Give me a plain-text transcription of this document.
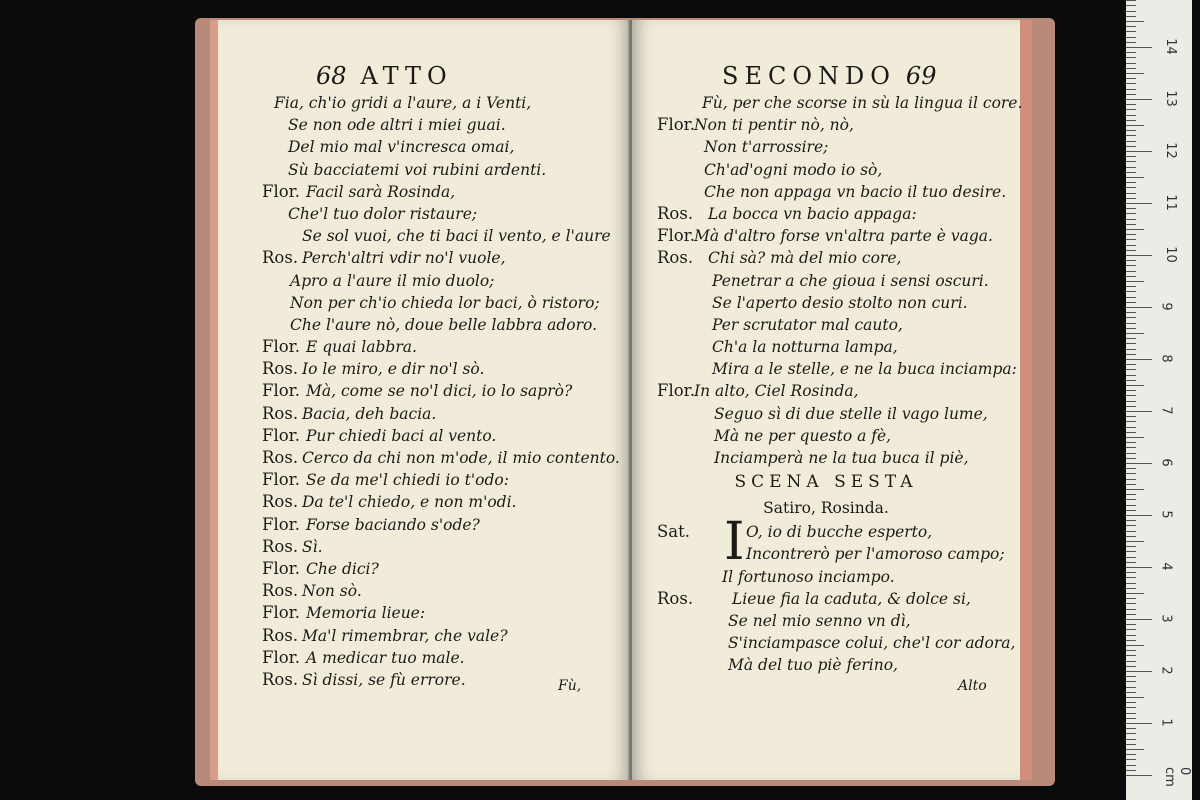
68 ATTO
Fia, ch'io gridi a l'aure, a i Venti,
Se non ode altri i miei guai.
Del mio mal v'incresca omai,
Sù bacciatemi voi rubini ardenti.
Flor. Facil sarà Rosinda,
Che'l tuo dolor ristaure;
Se sol vuoi, che ti baci il vento, e l'aure
Ros. Perch'altri vdir no'l vuole,
Apro a l'aure il mio duolo;
Non per ch'io chieda lor baci, ò ristoro;
Che l'aure nò, doue belle labbra adoro.
Flor. E quai labbra.
Ros. Io le miro, e dir no'l sò.
Flor. Mà, come se no'l dici, io lo saprò?
Ros. Bacia, deh bacia.
Flor. Pur chiedi baci al vento.
Ros. Cerco da chi non m'ode, il mio contento.
Flor. Se da me'l chiedi io t'odo:
Ros. Da te'l chiedo, e non m'odi.
Flor. Forse baciando s'ode?
Ros. Sì.
Flor. Che dici?
Ros. Non sò.
Flor. Memoria lieue:
Ros. Ma'l rimembrar, che vale?
Flor. A medicar tuo male.
Ros. Sì dissi, se fù errore.	Fù,
SECONDO 69
Fù, per che scorse in sù la lingua il core.
Flor. Non ti pentir nò, nò,
Non t'arrossire;
Ch'ad'ogni modo io sò,
Che non appaga vn bacio il tuo desire.
Ros. La bocca vn bacio appaga:
Flor. Mà d'altro forse vn'altra parte è vaga.
Ros. Chi sà? mà del mio core,
Penetrar a che gioua i sensi oscuri.
Se l'aperto desio stolto non curi.
Per scrutator mal cauto,
Ch'a la notturna lampa,
Mira a le stelle, e ne la buca inciampa:
Flor. In alto, Ciel Rosinda,
Seguo sì di due stelle il vago lume,
Mà ne per questo a fè,
Inciamperà ne la tua buca il piè,
SCENA SESTA
Satiro, Rosinda.
I
Sat.	O, io di bucche esperto,
Incontrerò per l'amoroso campo;
Il fortunoso inciampo.
Ros.	Lieue fia la caduta, & dolce si,
Se nel mio senno vn dì,
S'inciampasce colui, che'l cor adora,
Mà del tuo piè ferino,
Alto
14
13
12
11
10
9
8
7
6
5
4
3
2
1
0 cm
